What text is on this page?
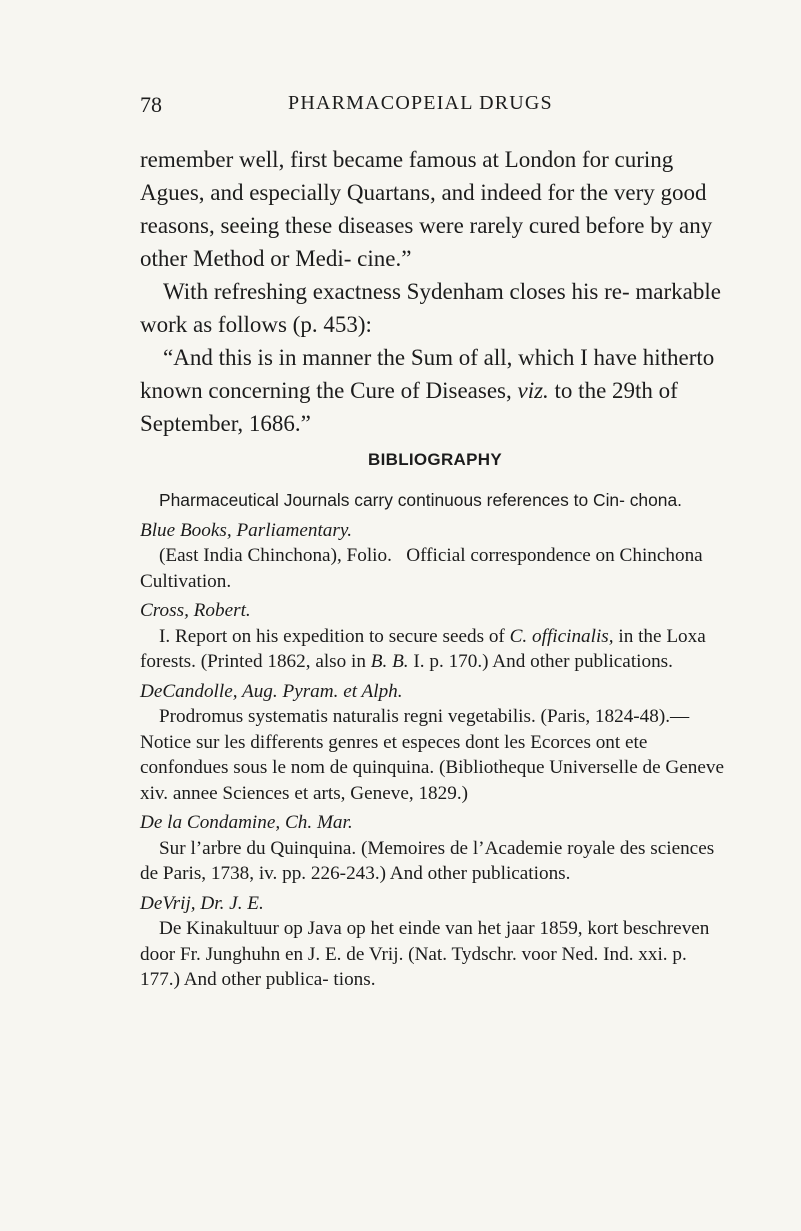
78	PHARMACOPEIAL DRUGS

remember well, first became famous at London for curing Agues, and especially Quartans, and indeed for the very good reasons, seeing these diseases were rarely cured before by any other Method or Medi- cine.”

With refreshing exactness Sydenham closes his re- markable work as follows (p. 453):

“And this is in manner the Sum of all, which I have hitherto known concerning the Cure of Diseases, viz. to the 29th of September, 1686.”

BIBLIOGRAPHY

Pharmaceutical Journals carry continuous references to Cin- chona.

Blue Books, Parliamentary.

(East India Chinchona), Folio.   Official correspondence on Chinchona Cultivation.

Cross, Robert.

I. Report on his expedition to secure seeds of C. officinalis, in the Loxa forests. (Printed 1862, also in B. B. I. p. 170.) And other publications.

DeCandolle, Aug. Pyram. et Alph.

Prodromus systematis naturalis regni vegetabilis. (Paris, 1824-48).—Notice sur les differents genres et especes dont les Ecorces ont ete confondues sous le nom de quinquina. (Bibliotheque Universelle de Geneve xiv. annee Sciences et arts, Geneve, 1829.)

De la Condamine, Ch. Mar.

Sur l’arbre du Quinquina. (Memoires de l’Academie royale des sciences de Paris, 1738, iv. pp. 226-243.) And other publications.

DeVrij, Dr. J. E.

De Kinakultuur op Java op het einde van het jaar 1859, kort beschreven door Fr. Junghuhn en J. E. de Vrij. (Nat. Tydschr. voor Ned. Ind. xxi. p. 177.) And other publica- tions.
